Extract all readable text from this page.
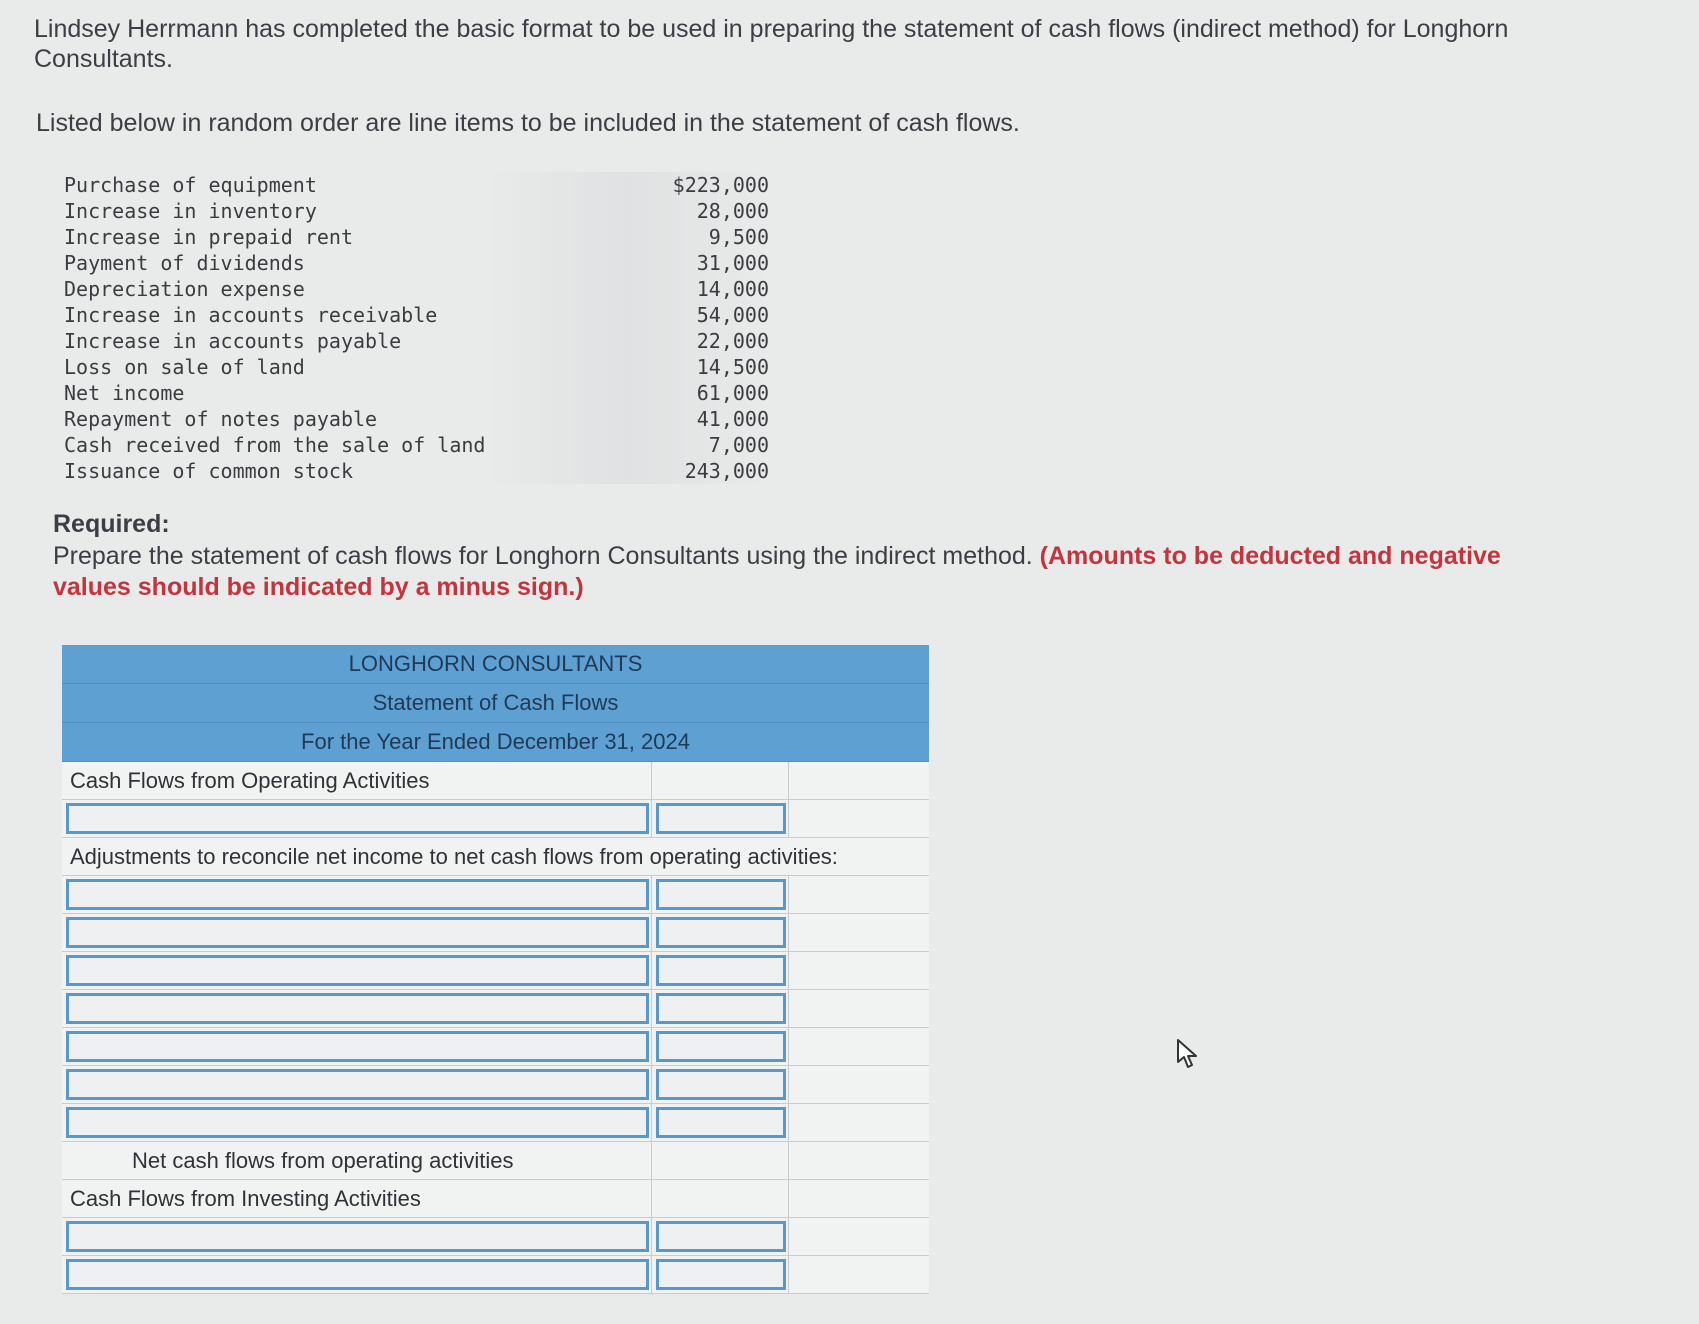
Lindsey Herrmann has completed the basic format to be used in preparing the statement of cash flows (indirect method) for Longhorn Consultants.

Listed below in random order are line items to be included in the statement of cash flows.

Purchase of equipment	$223,000
Increase in inventory	28,000
Increase in prepaid rent	9,500
Payment of dividends	31,000
Depreciation expense	14,000
Increase in accounts receivable	54,000
Increase in accounts payable	22,000
Loss on sale of land	14,500
Net income	61,000
Repayment of notes payable	41,000
Cash received from the sale of land	7,000
Issuance of common stock	243,000

Required:

Prepare the statement of cash flows for Longhorn Consultants using the indirect method. (Amounts to be deducted and negative values should be indicated by a minus sign.)

LONGHORN CONSULTANTS
Statement of Cash Flows
For the Year Ended December 31, 2024
Cash Flows from Operating Activities
Adjustments to reconcile net income to net cash flows from operating activities:
Net cash flows from operating activities
Cash Flows from Investing Activities
